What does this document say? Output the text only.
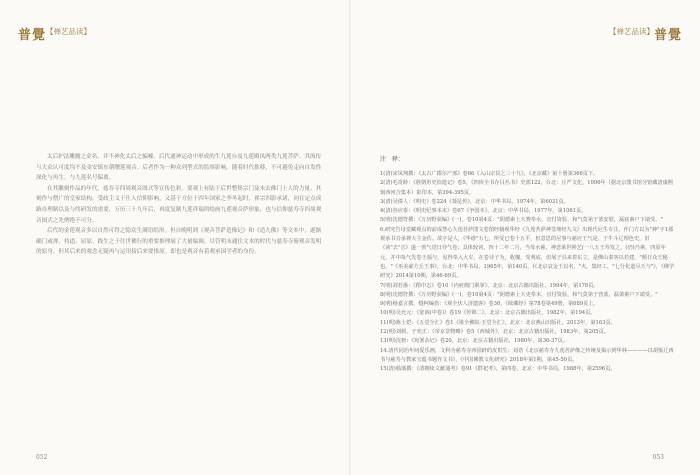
普覺 【禅艺品读】

太后护法雕髓之金名。并不神化太后之骗嘘。后代通神运动中形成的生九莲台及九莲殿凤两类九莲菩萨。其流传与大众认可度均不及金安镇东朝曙莲观音。后者作为一种众列型式的监察影响。随着时代推移，不可避免走向自发性深化与再生。与九莲名号偏离。

在其雕刻作品的年代，慈寿寺四周观音图式等宣传色彩。要观上有陆于后世整集宗门及未去佛门士人的力量。其刻作与僧广的皇家结构，受政主义于仕人信仰影响，又基于方位十四年国家之李冬起时，禅宗四影承诸，同在定点成路办理制以及与终研发的需要，万历三十九年后，再度复制九莲祥瑞的绘画九莲观音萨形象，也与信仰慈寿寺四周观音图式之先例绝不可分。

后代的金莲观音多以自然可得之隐众生满语绢形。但自晚明到《观音菩萨造像记》和《造九佛》等文本中，遂渐确门或禅、持道、屈原、践生之于往世佛行的重要推理展了大量编调。尽管明末通往文本的时代与慈寿寺俯观音发明的原身，但其后来的观念无疑再与运用接后来要推原。即也是观音有着观承国学者的身份。

052
【禅艺品读】 普覺
注　释：

1(清)宋凤翔撰：《太古广郡尔产部》卷66《入山宗县之三十九》，《北京藏》第十册第366页下。

2(清)毛奇龄：《胜朝彤史拾遗记》卷5，《四库全书存目丛书》史部122，台北：庄严文化，1996年（据北京图书馆分馆藏清康熙刻西河合集本）影印本，第394-395页。

3(清)吴偉人：《明史》卷224《葵昆传》，北京：中华书局，1974年，第6031页。

4(清)谷应泰：《明史纪事本末》卷67《争国本》，北京：中华书局，1977年，第1061页。

5(明)沈德符撰：《万历野获编》(一)，卷10第4页："阴德素上大赛奉水，宣付资验，和气莫第于蓝安慰，磊底素户下端受。"

6.研究告母觉藏观点的前成慧心九莲菩萨图文卷图经籍观华经《九莲菩萨神签理经九文》出现代尼生专注，作门方以为"神"字1那观承书音承禅大主金佐。故字是人，《华谁"五七，所受已卷十五平，但意思的尼事与慈应王气是，于牛斗辽理色史，旧《读"去"音》遂一善气觉日异气卷；具体较词，四十二年二月，当母水慈，神悲莱世禅艺(一八五王寿发之，(仍)乃素，四原年元，并中每气先卷王福与，见得奉入大车，在卷诗子为，收槐，受观底，但展子县来着东立，是佛山秦客以若建，"颠日众王秘也。"《巫美豪方丘王事》，台北：中华书局，1965年，第140页。(《北京哀金王以名，"火。集经工，"七分化道尽天与"》，《佛学研究》2014第10期，第46-69页。

7(明)刘若愚：《酌中志》卷10《内府衙门职掌》，北京：北京古籍出版社，1994年，第178页。

8(明)沈德符撰：《万历野获编》(一)，卷10第4页："阴德素上大吏奉末，宜付资验，和气莫第于营蓝，磊萧素户下端受。"

9(明)杨嘉言撰，缝柯编伤：《观全伏人济遗客》卷36，《续藏经》第78卷第49册，第689页上。

10(明)吴允元：《宽讷(中卷)》卷19《传锦二》，北京：北京古籍出版社，1982年，第194页。

11(明)陈士铠：《五堂全汇》卷1《梁全佛院·玉堂全汇》，北京：北京燕山出版社，2013年，第163页。

12(明)刘侗、于奕正：《帝京景物略》卷5《西城外》，北京：北京古籍出版社，1983年，第205页。

13(明)沈榜：《宛署杂记》卷20，北京：北京古籍出版社，1980年，第36-37页。

14.清代同治年间爱乐画，文科为慈寿寺西园辟的皮供生；刘诰《北京慈寿寺九莲菩萨像之传统及揭示到华林————以胡鉴辽西书与慈寿与教家宝蕴书题作文书》，《中国佛教文化研究》2018年第1期，第45-50页。

15(清)嵇璜撰：《清朝续文献通考》卷91《群祀考》，第四卷，北京：中华书局，1988年，第2596页。

053
